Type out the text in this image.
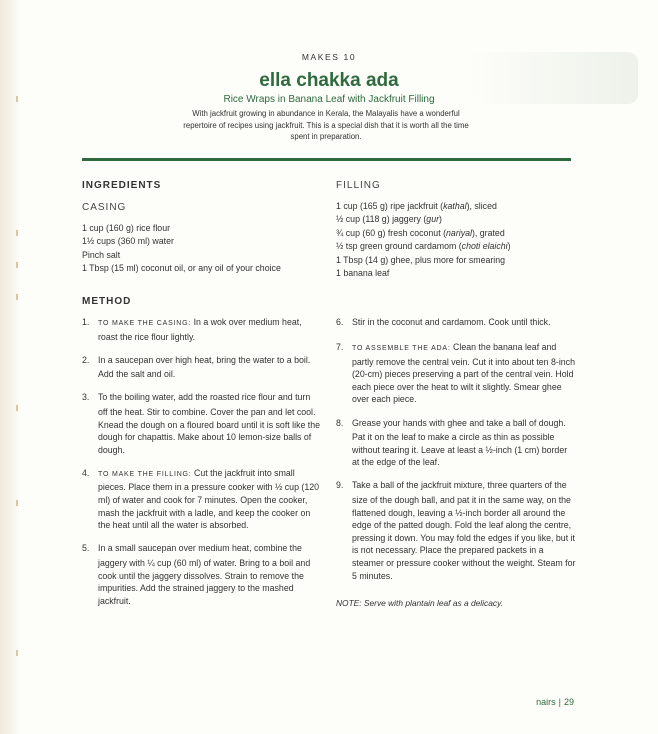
MAKES 10
ella chakka ada
Rice Wraps in Banana Leaf with Jackfruit Filling
With jackfruit growing in abundance in Kerala, the Malayalis have a wonderful repertoire of recipes using jackfruit. This is a special dish that it is worth all the time spent in preparation.
INGREDIENTS
CASING
1 cup (160 g) rice flour
1½ cups (360 ml) water
Pinch salt
1 Tbsp (15 ml) coconut oil, or any oil of your choice
FILLING
1 cup (165 g) ripe jackfruit (kathal), sliced
½ cup (118 g) jaggery (gur)
¾ cup (60 g) fresh coconut (nariyal), grated
½ tsp green ground cardamom (choti elaichi)
1 Tbsp (14 g) ghee, plus more for smearing
1 banana leaf
METHOD
1.	TO MAKE THE CASING: In a wok over medium heat, roast the rice flour lightly.
2. In a saucepan over high heat, bring the water to a boil. Add the salt and oil.
3. To the boiling water, add the roasted rice flour and turn off the heat. Stir to combine. Cover the pan and let cool. Knead the dough on a floured board until it is soft like the dough for chapattis. Make about 10 lemon-size balls of dough.
4.	TO MAKE THE FILLING: Cut the jackfruit into small pieces. Place them in a pressure cooker with ½ cup (120 ml) of water and cook for 7 minutes. Open the cooker, mash the jackfruit with a ladle, and keep the cooker on the heat until all the water is absorbed.
5. In a small saucepan over medium heat, combine the jaggery with ¼ cup (60 ml) of water. Bring to a boil and cook until the jaggery dissolves. Strain to remove the impurities. Add the strained jaggery to the mashed jackfruit.
6. Stir in the coconut and cardamom. Cook until thick.
7.	TO ASSEMBLE THE ADA: Clean the banana leaf and partly remove the central vein. Cut it into about ten 8-inch (20-cm) pieces preserving a part of the central vein. Hold each piece over the heat to wilt it slightly. Smear ghee over each piece.
8. Grease your hands with ghee and take a ball of dough. Pat it on the leaf to make a circle as thin as possible without tearing it. Leave at least a ½-inch (1 cm) border at the edge of the leaf.
9. Take a ball of the jackfruit mixture, three quarters of the size of the dough ball, and pat it in the same way, on the flattened dough, leaving a ½-inch border all around the edge of the patted dough. Fold the leaf along the centre, pressing it down. You may fold the edges if you like, but it is not necessary. Place the prepared packets in a steamer or pressure cooker without the weight. Steam for 5 minutes.
NOTE: Serve with plantain leaf as a delicacy.
nairs | 29
